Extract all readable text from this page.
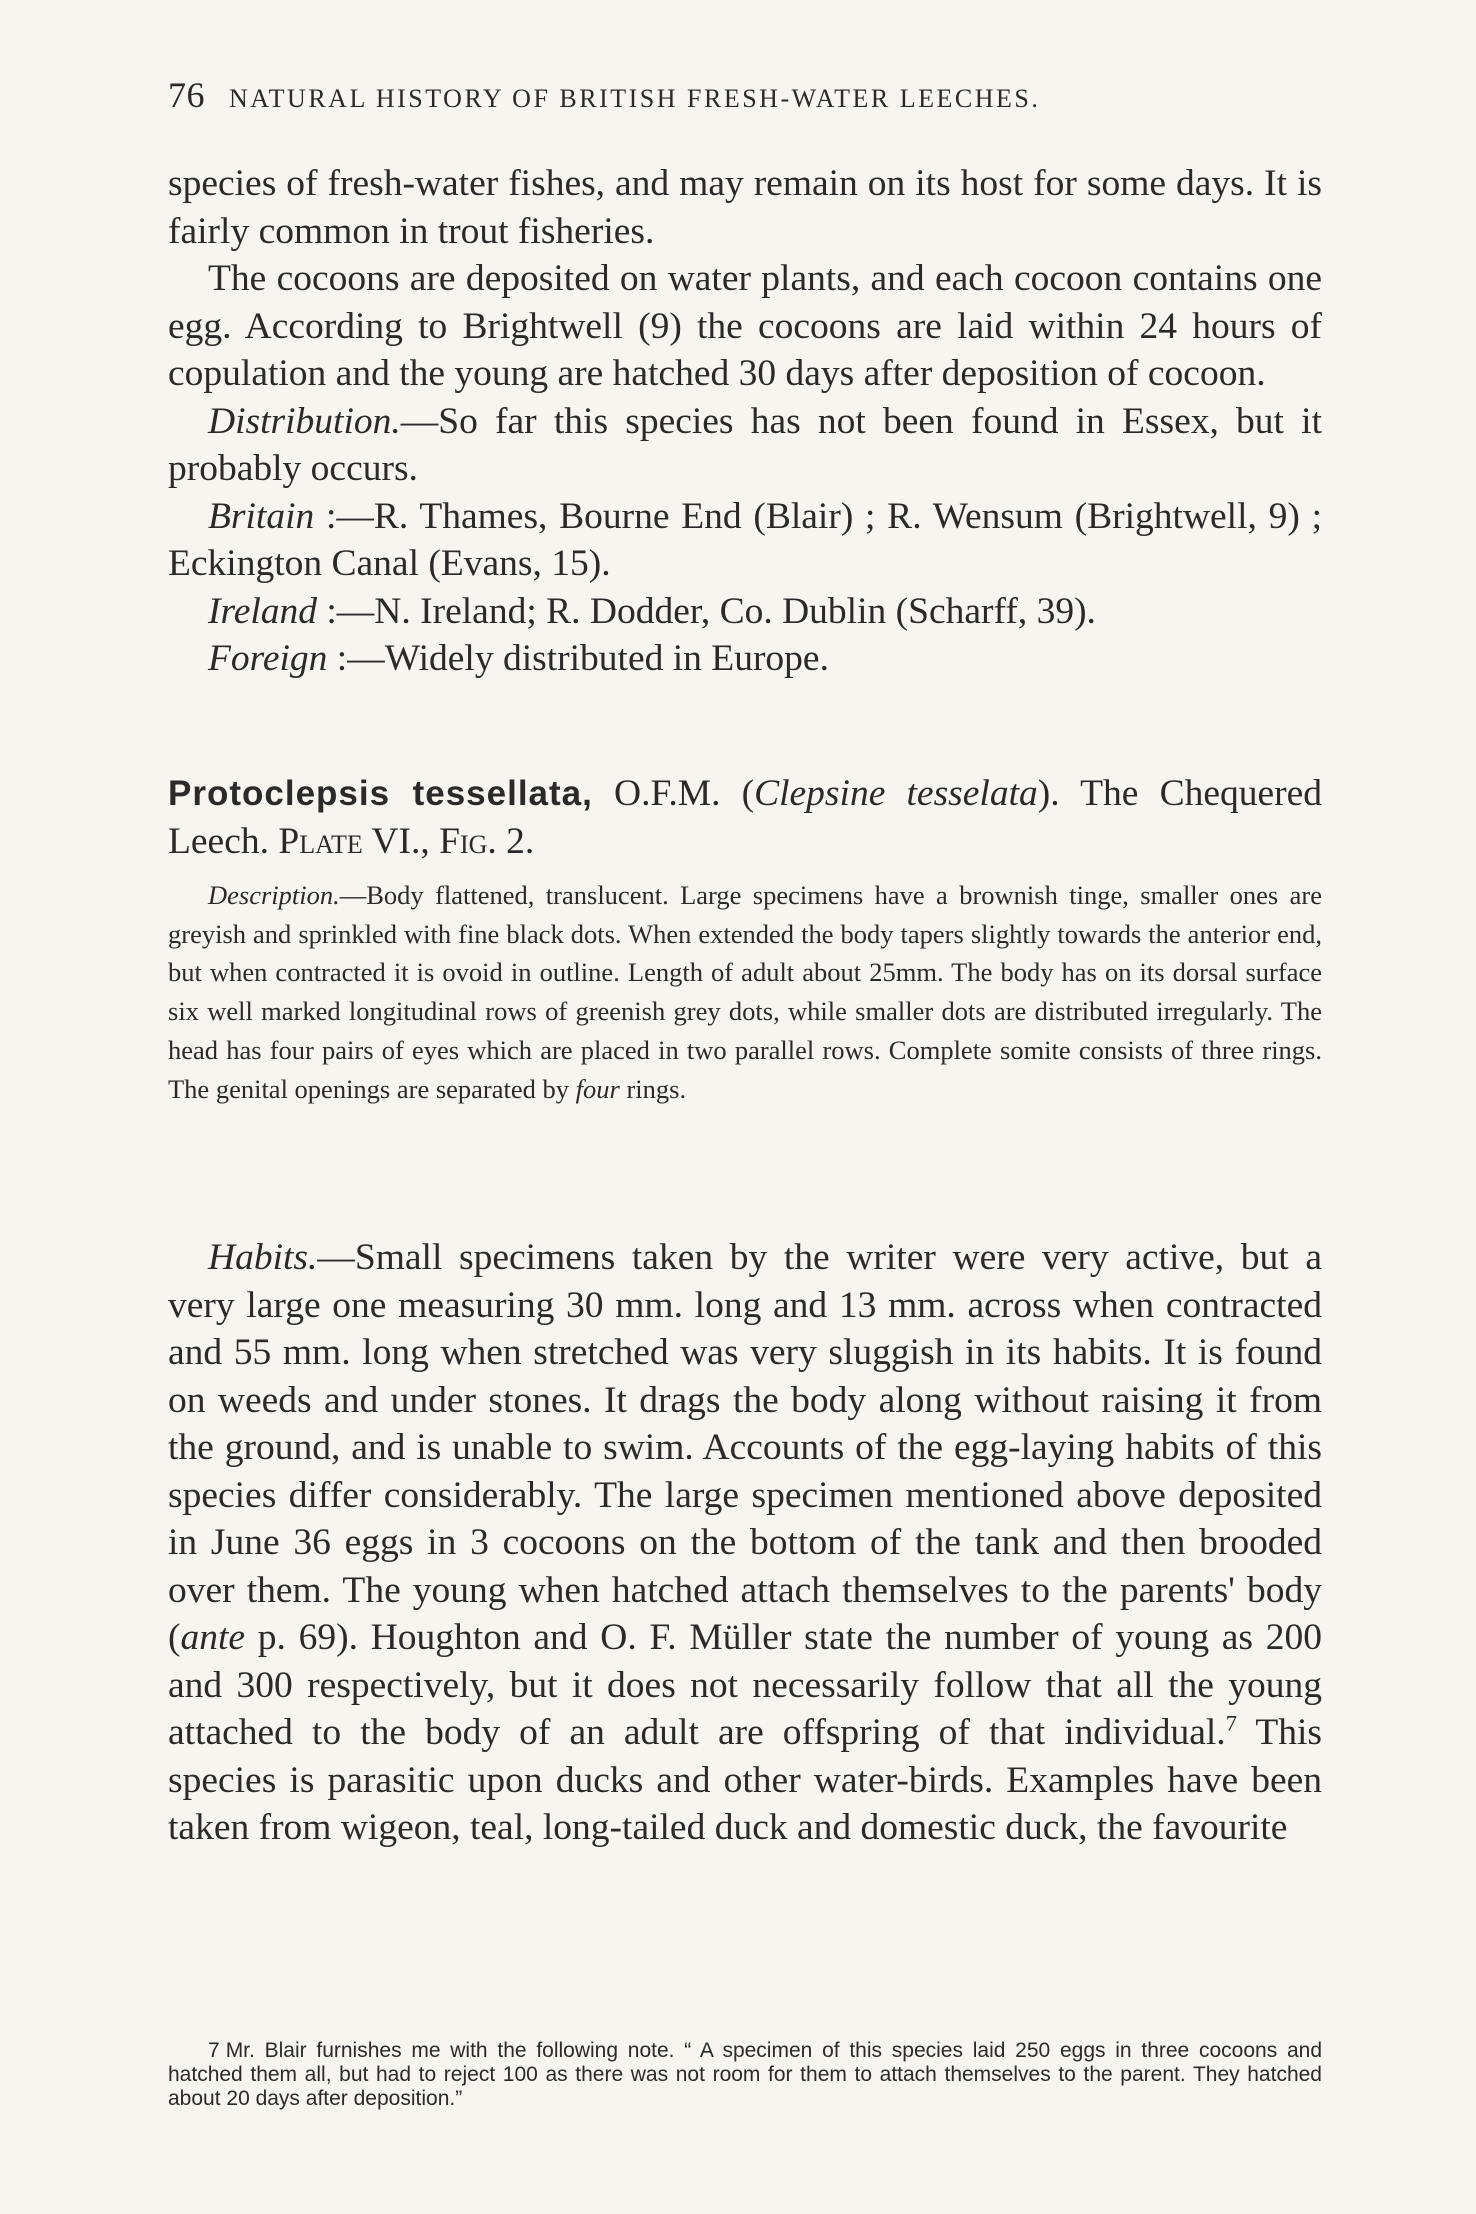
76 NATURAL HISTORY OF BRITISH FRESH-WATER LEECHES.

species of fresh-water fishes, and may remain on its host for some days. It is fairly common in trout fisheries.

The cocoons are deposited on water plants, and each cocoon contains one egg. According to Brightwell (9) the cocoons are laid within 24 hours of copulation and the young are hatched 30 days after deposition of cocoon.

Distribution.—So far this species has not been found in Essex, but it probably occurs.

Britain :—R. Thames, Bourne End (Blair) ; R. Wensum (Brightwell, 9) ; Eckington Canal (Evans, 15).

Ireland :—N. Ireland; R. Dodder, Co. Dublin (Scharff, 39).

Foreign :—Widely distributed in Europe.

Protoclepsis tessellata, O.F.M. (Clepsine tesselata). The Chequered Leech. Plate VI., Fig. 2.

Description.—Body flattened, translucent. Large specimens have a brownish tinge, smaller ones are greyish and sprinkled with fine black dots. When extended the body tapers slightly towards the anterior end, but when contracted it is ovoid in outline. Length of adult about 25mm. The body has on its dorsal surface six well marked longitudinal rows of greenish grey dots, while smaller dots are distributed irregularly. The head has four pairs of eyes which are placed in two parallel rows. Complete somite consists of three rings. The genital openings are separated by four rings.

Habits.—Small specimens taken by the writer were very active, but a very large one measuring 30 mm. long and 13 mm. across when contracted and 55 mm. long when stretched was very sluggish in its habits. It is found on weeds and under stones. It drags the body along without raising it from the ground, and is unable to swim. Accounts of the egg-laying habits of this species differ considerably. The large specimen mentioned above deposited in June 36 eggs in 3 cocoons on the bottom of the tank and then brooded over them. The young when hatched attach themselves to the parents' body (ante p. 69). Houghton and O. F. Müller state the number of young as 200 and 300 respectively, but it does not necessarily follow that all the young attached to the body of an adult are offspring of that individual.$^7$ This species is parasitic upon ducks and other water-birds. Examples have been taken from wigeon, teal, long-tailed duck and domestic duck, the favourite

7 Mr. Blair furnishes me with the following note. “ A specimen of this species laid 250 eggs in three cocoons and hatched them all, but had to reject 100 as there was not room for them to attach themselves to the parent. They hatched about 20 days after deposition.”
